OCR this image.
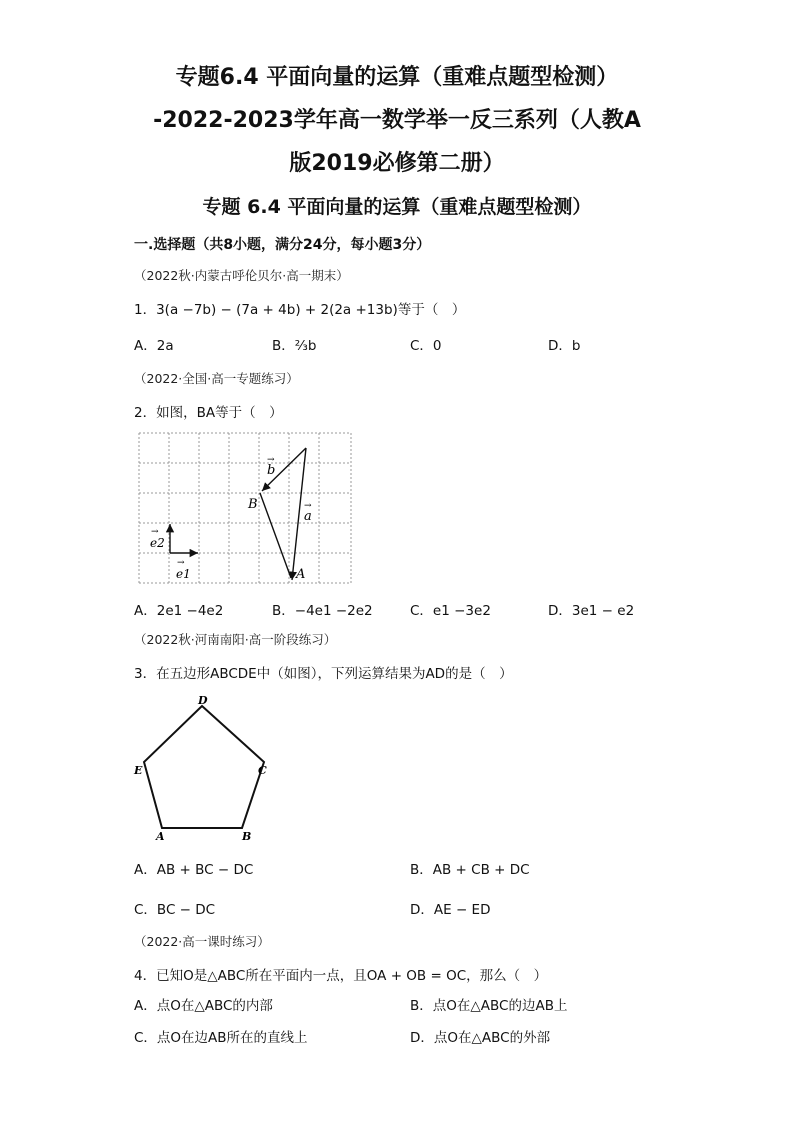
专题6.4 平面向量的运算（重难点题型检测）
-2022-2023学年高一数学举一反三系列（人教A
版2019必修第二册）
专题 6.4 平面向量的运算（重难点题型检测）
一.选择题（共8小题，满分24分，每小题3分）
（2022秋·内蒙古呼伦贝尔·高一期末）
1．3(a −7b) − (7a + 4b) + 2(2a +13b)等于（　）
A．2a	B．⅔b	C．0	D．b
（2022·全国·高一专题练习）
2．如图，BA等于（　）
b
→
B
a
→
A
e2
→
e1
→
A．2e1 −4e2	B．−4e1 −2e2	C．e1 −3e2	D．3e1 − e2
（2022秋·河南南阳·高一阶段练习）
3．在五边形ABCDE中（如图），下列运算结果为AD的是（　）
A	B
C
D
E
A．AB + BC − DC	B．AB + CB + DC
C．BC − DC	D．AE − ED
（2022·高一课时练习）
4．已知O是△ABC所在平面内一点，且OA + OB = OC，那么（　）
A．点O在△ABC的内部	B．点O在△ABC的边AB上
C．点O在边AB所在的直线上	D．点O在△ABC的外部
